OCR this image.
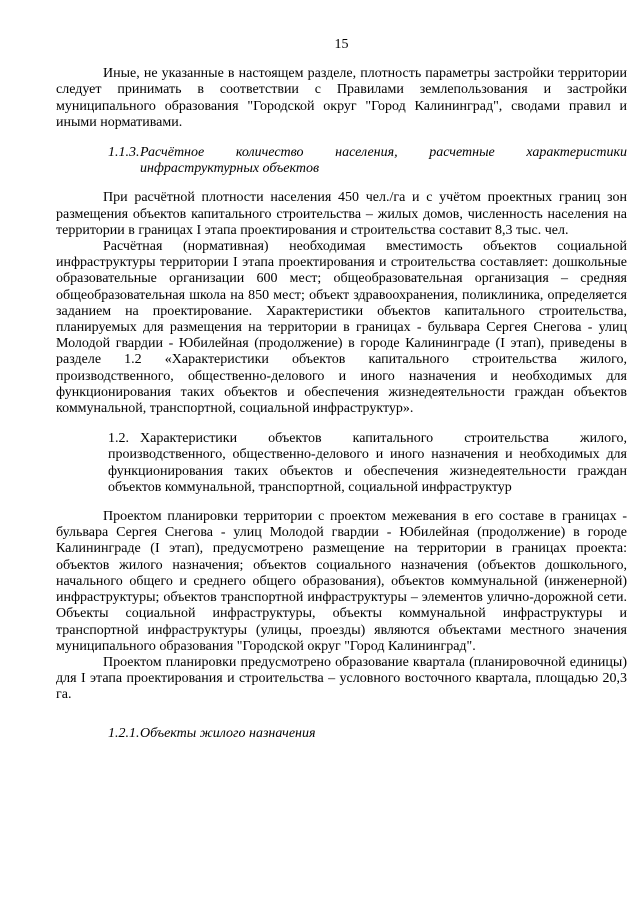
15

Иные, не указанные в настоящем разделе, плотность параметры застройки территории следует принимать в соответствии с Правилами землепользования и застройки муниципального образования "Городской округ "Город Калининград", сводами правил и иными нормативами.

1.1.3.Расчётное количество населения, расчетные характеристики инфраструктурных объектов

При расчётной плотности населения 450 чел./га и с учётом проектных границ зон размещения объектов капитального строительства – жилых домов, численность населения на территории в границах I этапа проектирования и строительства составит 8,3 тыс. чел.

Расчётная (нормативная) необходимая вместимость объектов социальной инфраструктуры территории I этапа проектирования и строительства составляет: дошкольные образовательные организации 600 мест; общеобразовательная организация – средняя общеобразовательная школа на 850 мест; объект здравоохранения, поликлиника, определяется заданием на проектирование. Характеристики объектов капитального строительства, планируемых для размещения на территории в границах - бульвара Сергея Снегова - улиц Молодой гвардии - Юбилейная (продолжение) в городе Калининграде (I этап), приведены в разделе 1.2 «Характеристики объектов капитального строительства жилого, производственного, общественно-делового и иного назначения и необходимых для функционирования таких объектов и обеспечения жизнедеятельности граждан объектов коммунальной, транспортной, социальной инфраструктур».

1.2. Характеристики объектов капитального строительства жилого, производственного, общественно-делового и иного назначения и необходимых для функционирования таких объектов и обеспечения жизнедеятельности граждан объектов коммунальной, транспортной, социальной инфраструктур

Проектом планировки территории с проектом межевания в его составе в границах - бульвара Сергея Снегова - улиц Молодой гвардии - Юбилейная (продолжение) в городе Калининграде (I этап), предусмотрено размещение на территории в границах проекта: объектов жилого назначения; объектов социального назначения (объектов дошкольного, начального общего и среднего общего образования), объектов коммунальной (инженерной) инфраструктуры; объектов транспортной инфраструктуры – элементов улично-дорожной сети. Объекты социальной инфраструктуры, объекты коммунальной инфраструктуры и транспортной инфраструктуры (улицы, проезды) являются объектами местного значения муниципального образования "Городской округ "Город Калининград".

Проектом планировки предусмотрено образование квартала (планировочной единицы) для I этапа проектирования и строительства – условного восточного квартала, площадью 20,3 га.

1.2.1.Объекты жилого назначения
